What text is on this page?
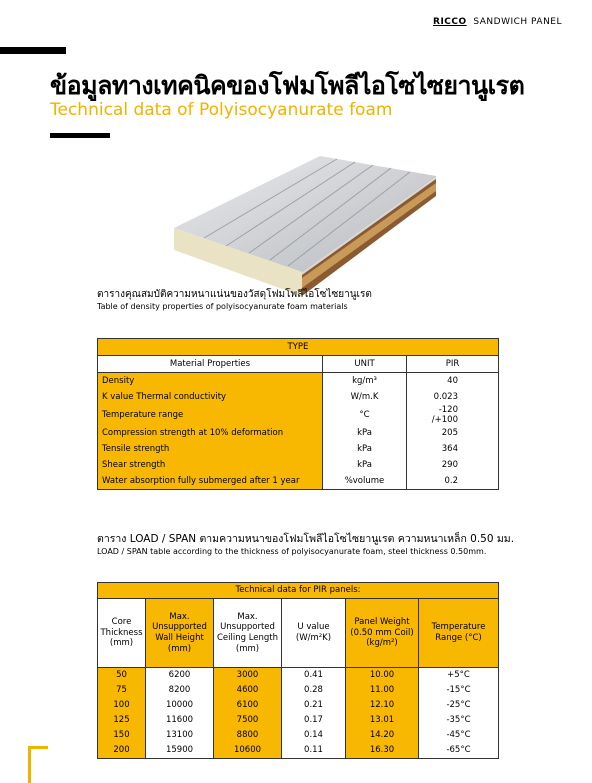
RICCO SANDWICH PANEL
ข้อมูลทางเทคนิคของโฟมโพลีไอโซไซยานูเรต
Technical data of Polyisocyanurate foam
ตารางคุณสมบัติความหนาแน่นของวัสดุโฟมโพลีไอโซไซยานูเรต
Table of density properties of polyisocyanurate foam materials
TYPE		
Material Properties	UNIT	PIR
Density	kg/m³	40
K value Thermal conductivity	W/m.K	0.023
Temperature range	°C	-120 /+100
Compression strength at 10% deformation	kPa	205
Tensile strength	kPa	364
Shear strength	kPa	290
Water absorption fully submerged after 1 year	%volume	0.2
ตาราง LOAD / SPAN ตามความหนาของโฟมโพลีไอโซไซยานูเรต ความหนาเหล็ก 0.50 มม.
LOAD / SPAN table according to the thickness of polyisocyanurate foam, steel thickness 0.50mm.
Technical data for PIR panels:					
Core
Thickness
(mm)	Max.
Unsupported
Wall Height
(mm)	Max.
Unsupported
Ceiling Length
(mm)	U value
(W/m²K)	Panel Weight
(0.50 mm Coil)
(kg/m²)	Temperature
Range (°C)
50	6200	3000	0.41	10.00	+5°C
75	8200	4600	0.28	11.00	-15°C
100	10000	6100	0.21	12.10	-25°C
125	11600	7500	0.17	13.01	-35°C
150	13100	8800	0.14	14.20	-45°C
200	15900	10600	0.11	16.30	-65°C
